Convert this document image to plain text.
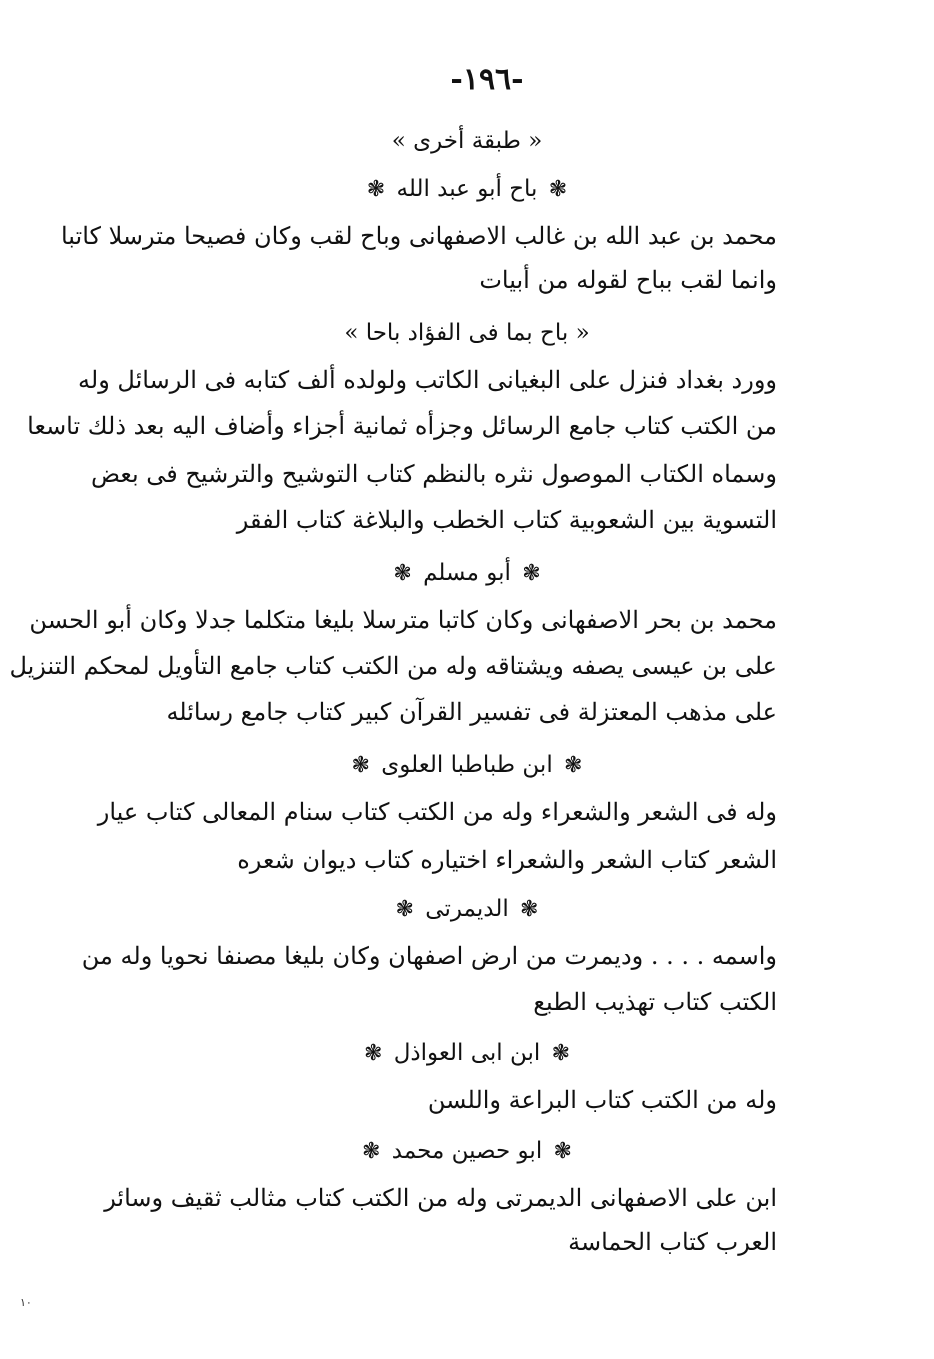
-١٩٦-
« طبقة أخرى »
❃ باح أبو عبد الله ❃
محمد بن عبد الله بن غالب الاصفهانى وباح لقب وكان فصيحا مترسلا كاتبا
وانما لقب بباح لقوله من أبيات
« باح بما فى الفؤاد باحا »
وورد بغداد فنزل على البغيانى الكاتب ولولده ألف كتابه فى الرسائل وله
من الكتب كتاب جامع الرسائل وجزأه ثمانية أجزاء وأضاف اليه بعد ذلك تاسعا
وسماه الكتاب الموصول نثره بالنظم كتاب التوشيح والترشيح فى بعض
التسوية بين الشعوبية كتاب الخطب والبلاغة كتاب الفقر
❃ أبو مسلم ❃
محمد بن بحر الاصفهانى وكان كاتبا مترسلا بليغا متكلما جدلا وكان أبو الحسن
على بن عيسى يصفه ويشتاقه وله من الكتب كتاب جامع التأويل لمحكم التنزيل
على مذهب المعتزلة فى تفسير القرآن كبير كتاب جامع رسائله
❃ ابن طباطبا العلوى ❃
وله فى الشعر والشعراء وله من الكتب كتاب سنام المعالى كتاب عيار
الشعر كتاب الشعر والشعراء اختياره كتاب ديوان شعره
❃ الديمرتى ❃
واسمه . . . . وديمرت من ارض اصفهان وكان بليغا مصنفا نحويا وله من
الكتب كتاب تهذيب الطبع
❃ ابن ابى العواذل ❃
وله من الكتب كتاب البراعة واللسن
❃ ابو حصين محمد ❃
ابن على الاصفهانى الديمرتى وله من الكتب كتاب مثالب ثقيف وسائر
العرب كتاب الحماسة
١٠
